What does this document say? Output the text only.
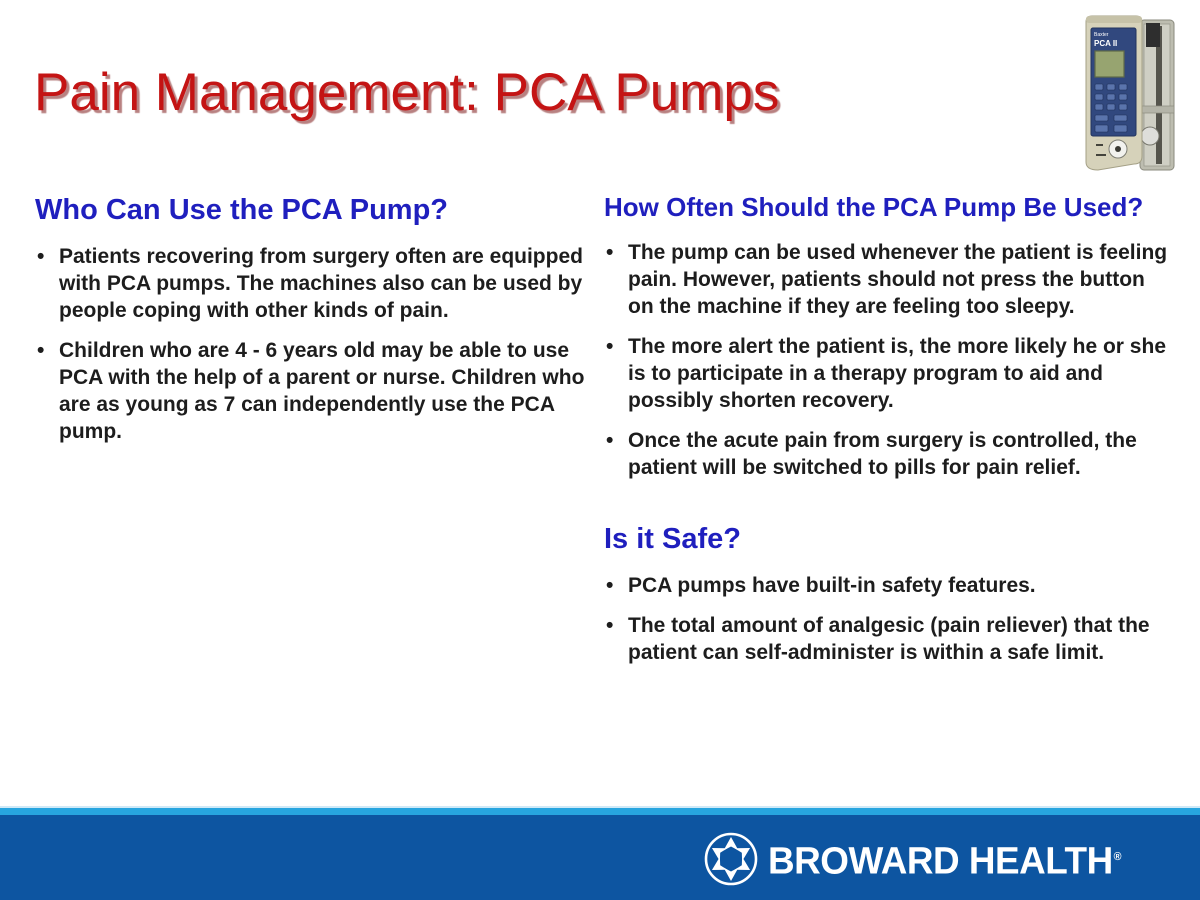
Pain Management: PCA Pumps
Baxter
PCA II
Who Can Use the PCA Pump?
• Patients recovering from surgery often are equipped with PCA pumps. The machines also can be used by people coping with other kinds of pain.
• Children who are 4 - 6 years old may be able to use PCA with the help of a parent or nurse. Children who are as young as 7 can independently use the PCA pump.
How Often Should the PCA Pump Be Used?
• The pump can be used whenever the patient is feeling pain. However, patients should not press the button on the machine if they are feeling too sleepy.
• The more alert the patient is, the more likely he or she is to participate in a therapy program to aid and possibly shorten recovery.
• Once the acute pain from surgery is controlled, the patient will be switched to pills for pain relief.
Is it Safe?
• PCA pumps have built-in safety features.
• The total amount of analgesic (pain reliever) that the patient can self-administer is within a safe limit.
BROWARD HEALTH®
